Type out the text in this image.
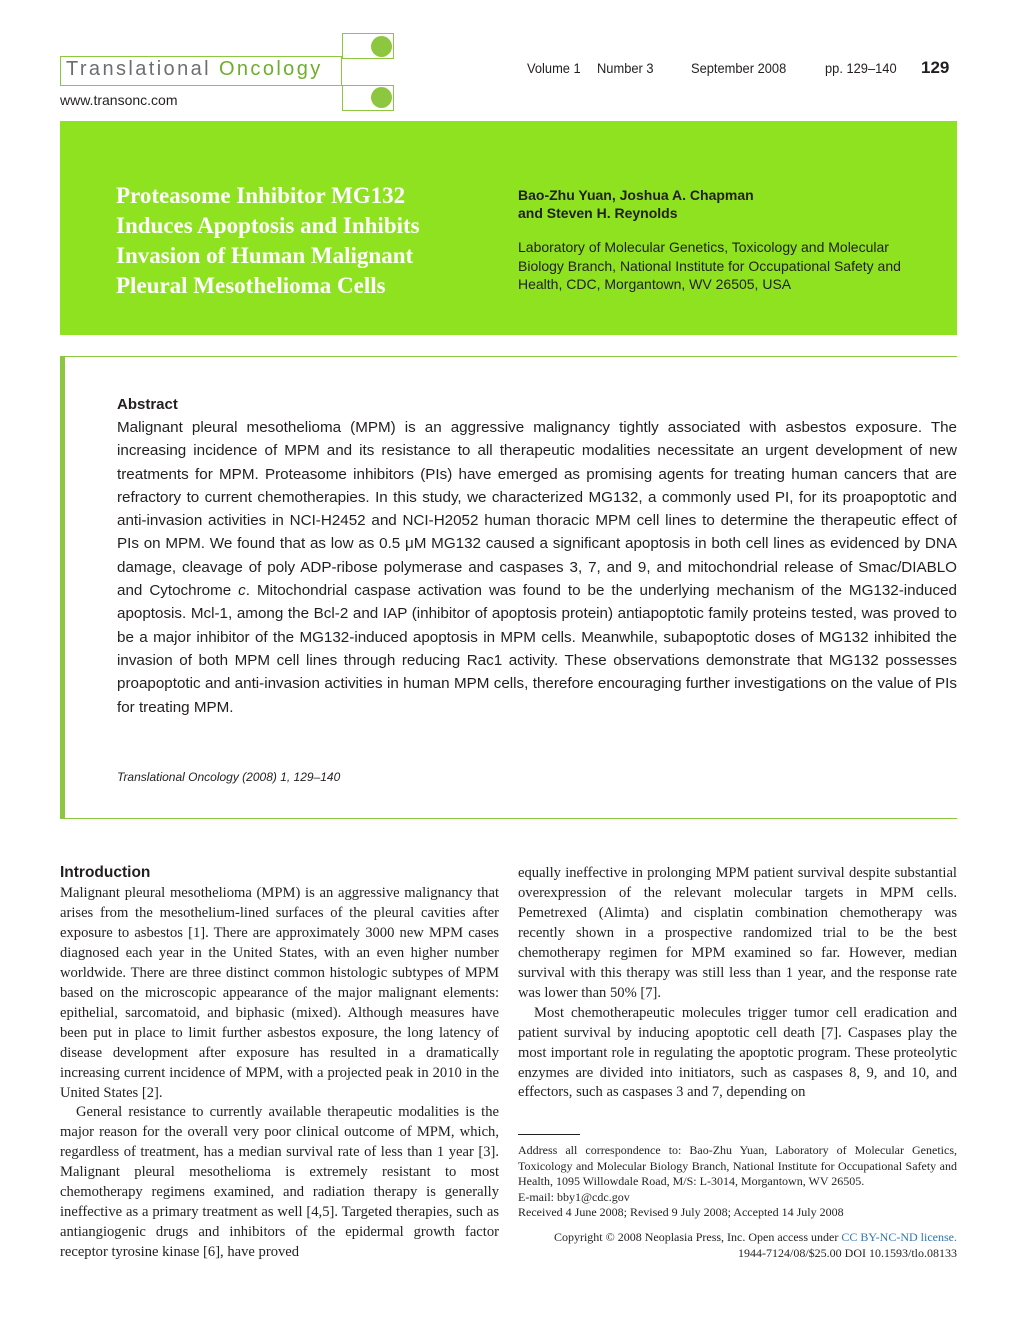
Translational Oncology
www.transonc.com
Volume 1 Number 3	September 2008	pp. 129–140 129
Proteasome Inhibitor MG132 Induces Apoptosis and Inhibits Invasion of Human Malignant Pleural Mesothelioma Cells
Bao-Zhu Yuan, Joshua A. Chapman
and Steven H. Reynolds
Laboratory of Molecular Genetics, Toxicology and Molecular Biology Branch, National Institute for Occupational Safety and Health, CDC, Morgantown, WV 26505, USA
Abstract
Malignant pleural mesothelioma (MPM) is an aggressive malignancy tightly associated with asbestos exposure. The increasing incidence of MPM and its resistance to all therapeutic modalities necessitate an urgent development of new treatments for MPM. Proteasome inhibitors (PIs) have emerged as promising agents for treating human cancers that are refractory to current chemotherapies. In this study, we characterized MG132, a commonly used PI, for its proapoptotic and anti-invasion activities in NCI-H2452 and NCI-H2052 human thoracic MPM cell lines to determine the therapeutic effect of PIs on MPM. We found that as low as 0.5 μM MG132 caused a significant apoptosis in both cell lines as evidenced by DNA damage, cleavage of poly ADP-ribose polymerase and caspases 3, 7, and 9, and mitochondrial release of Smac/DIABLO and Cytochrome c. Mitochondrial caspase activation was found to be the underlying mechanism of the MG132-induced apoptosis. Mcl-1, among the Bcl-2 and IAP (inhibitor of apoptosis protein) antiapoptotic family proteins tested, was proved to be a major inhibitor of the MG132-induced apoptosis in MPM cells. Meanwhile, subapoptotic doses of MG132 inhibited the invasion of both MPM cell lines through reducing Rac1 activity. These observations demonstrate that MG132 possesses proapoptotic and anti-invasion activities in human MPM cells, therefore encouraging further investigations on the value of PIs for treating MPM.
Translational Oncology (2008) 1, 129–140
Introduction

Malignant pleural mesothelioma (MPM) is an aggressive malignancy that arises from the mesothelium-lined surfaces of the pleural cavities after exposure to asbestos [1]. There are approximately 3000 new MPM cases diagnosed each year in the United States, with an even higher number worldwide. There are three distinct common histologic subtypes of MPM based on the microscopic appearance of the major malignant elements: epithelial, sarcomatoid, and biphasic (mixed). Although measures have been put in place to limit further asbestos exposure, the long latency of disease development after exposure has resulted in a dramatically increasing current incidence of MPM, with a projected peak in 2010 in the United States [2].

General resistance to currently available therapeutic modalities is the major reason for the overall very poor clinical outcome of MPM, which, regardless of treatment, has a median survival rate of less than 1 year [3]. Malignant pleural mesothelioma is extremely resistant to most chemotherapy regimens examined, and radiation therapy is generally ineffective as a primary treatment as well [4,5]. Targeted therapies, such as antiangiogenic drugs and inhibitors of the epidermal growth factor receptor tyrosine kinase [6], have proved

equally ineffective in prolonging MPM patient survival despite substantial overexpression of the relevant molecular targets in MPM cells. Pemetrexed (Alimta) and cisplatin combination chemotherapy was recently shown in a prospective randomized trial to be the best chemotherapy regimen for MPM examined so far. However, median survival with this therapy was still less than 1 year, and the response rate was lower than 50% [7].

Most chemotherapeutic molecules trigger tumor cell eradication and patient survival by inducing apoptotic cell death [7]. Caspases play the most important role in regulating the apoptotic program. These proteolytic enzymes are divided into initiators, such as caspases 8, 9, and 10, and effectors, such as caspases 3 and 7, depending on

Address all correspondence to: Bao-Zhu Yuan, Laboratory of Molecular Genetics, Toxicology and Molecular Biology Branch, National Institute for Occupational Safety and Health, 1095 Willowdale Road, M/S: L-3014, Morgantown, WV 26505.

E-mail: bby1@cdc.gov

Received 4 June 2008; Revised 9 July 2008; Accepted 14 July 2008

Copyright © 2008 Neoplasia Press, Inc. Open access under CC BY-NC-ND license.
1944-7124/08/$25.00 DOI 10.1593/tlo.08133
